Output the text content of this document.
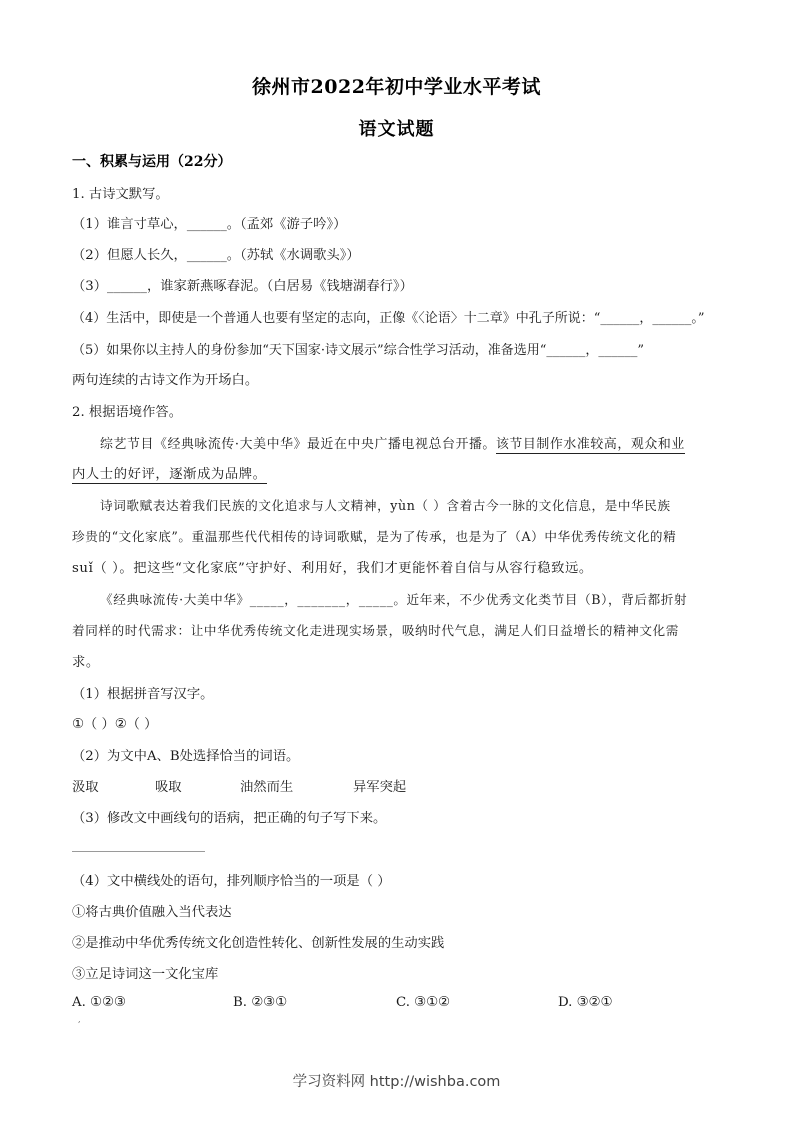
徐州市2022年初中学业水平考试
语文试题
一、积累与运用（22分）
1. 古诗文默写。
（1）谁言寸草心，______。（孟郊《游子吟》）
（2）但愿人长久，______。（苏轼《水调歌头》）
（3）______，谁家新燕啄春泥。（白居易《钱塘湖春行》）
（4）生活中，即使是一个普通人也要有坚定的志向，正像《〈论语〉十二章》中孔子所说：“______，______。”
（5）如果你以主持人的身份参加“天下国家·诗文展示”综合性学习活动，准备选用“______，______”
两句连续的古诗文作为开场白。
2. 根据语境作答。
综艺节目《经典咏流传·大美中华》最近在中央广播电视总台开播。该节目制作水准较高，观众和业
内人士的好评，逐渐成为品牌。
诗词歌赋表达着我们民族的文化追求与人文精神，yùn（ ）含着古今一脉的文化信息，是中华民族
珍贵的“文化家底”。重温那些代代相传的诗词歌赋，是为了传承，也是为了（A）中华优秀传统文化的精
suǐ（ ）。把这些“文化家底”守护好、利用好，我们才更能怀着自信与从容行稳致远。
《经典咏流传·大美中华》_____，_______，_____。近年来，不少优秀文化类节目（B），背后都折射
着同样的时代需求：让中华优秀传统文化走进现实场景，吸纳时代气息，满足人们日益增长的精神文化需
求。
（1）根据拼音写汉字。
①（ ）②（ ）
（2）为文中A、B处选择恰当的词语。
汲取	吸取	油然而生	异军突起
（3）修改文中画线句的语病，把正确的句子写下来。
（4）文中横线处的语句，排列顺序恰当的一项是（ ）
①将古典价值融入当代表达
②是推动中华优秀传统文化创造性转化、创新性发展的生动实践
③立足诗词这一文化宝库
A. ①②③	B. ②③①	C. ③①②	D. ③②①
,
学习资料网 http://wishba.com
